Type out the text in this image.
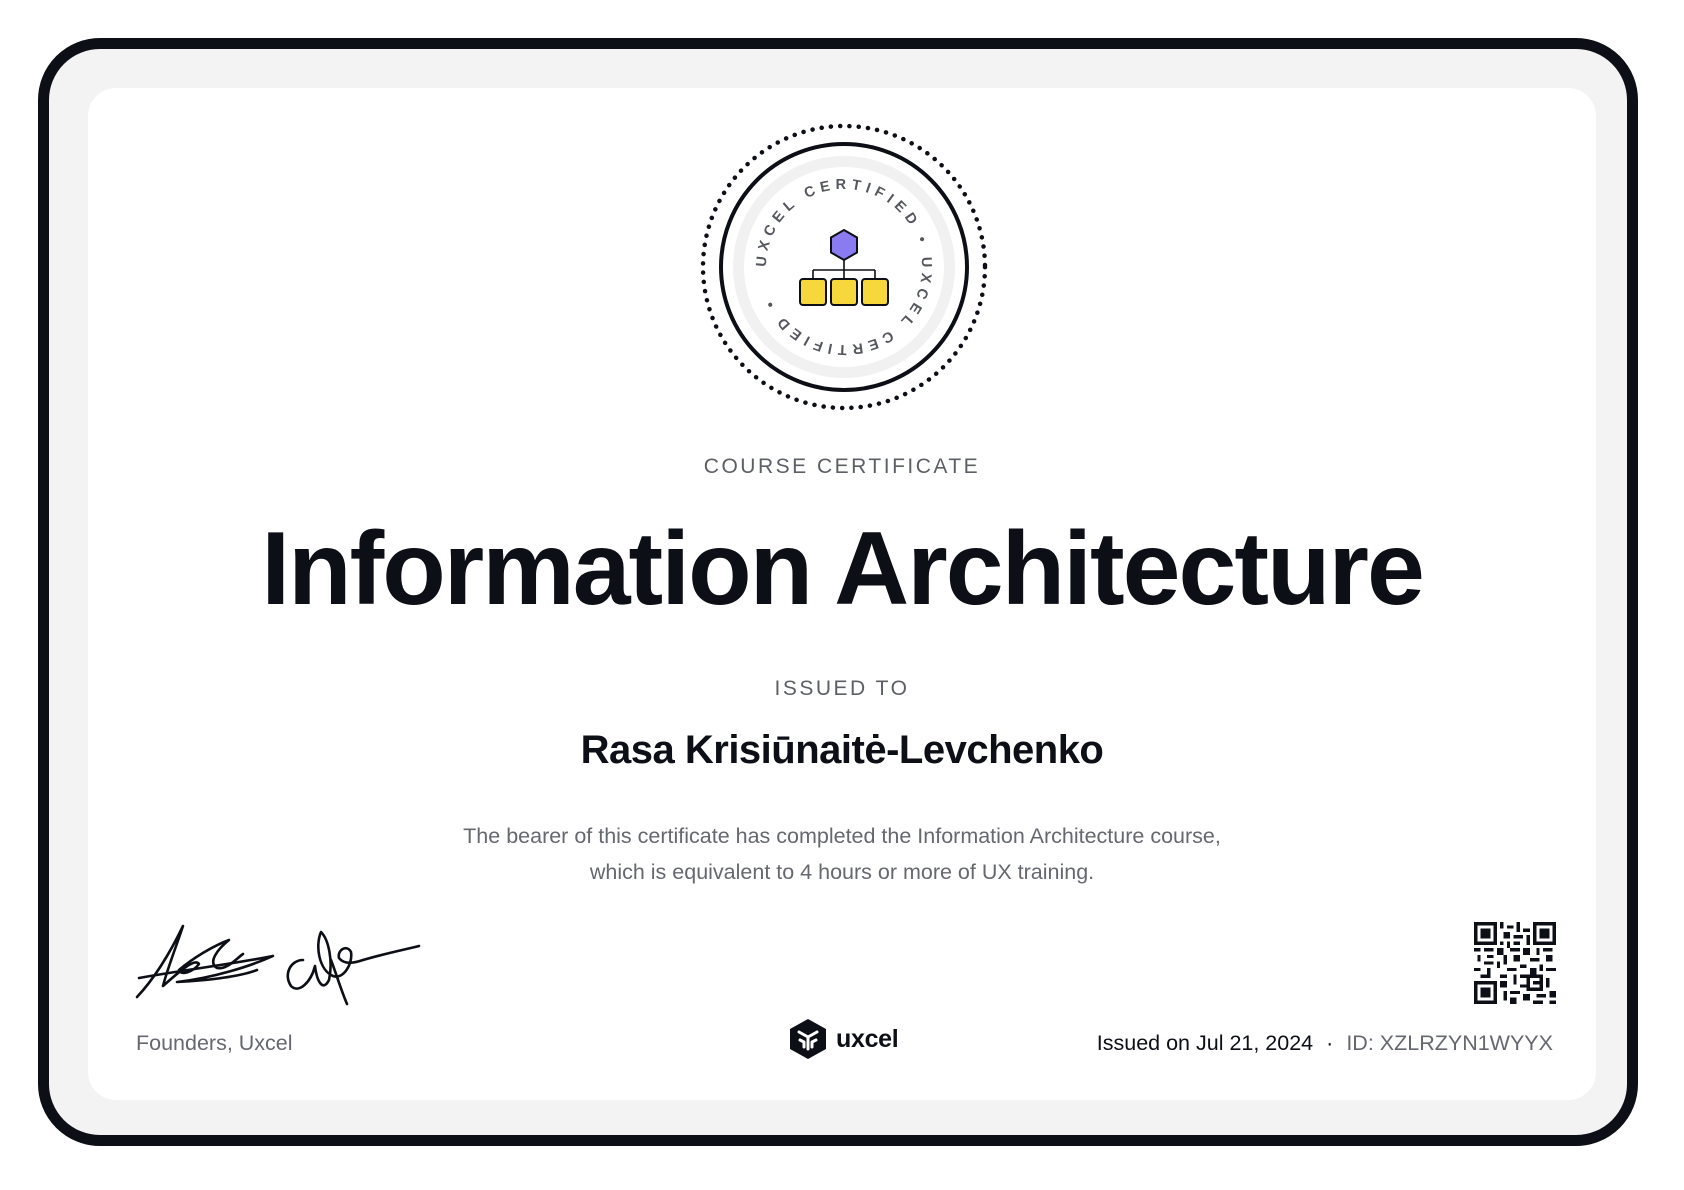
UXCEL CERTIFIED • UXCEL CERTIFIED •
COURSE CERTIFICATE
Information Architecture
ISSUED TO
Rasa Krisiūnaitė-Levchenko
The bearer of this certificate has completed the Information Architecture course, which is equivalent to 4 hours or more of UX training.
Founders, Uxcel	uxcel	Issued on Jul 21, 2024 · ID: XZLRZYN1WYYX
